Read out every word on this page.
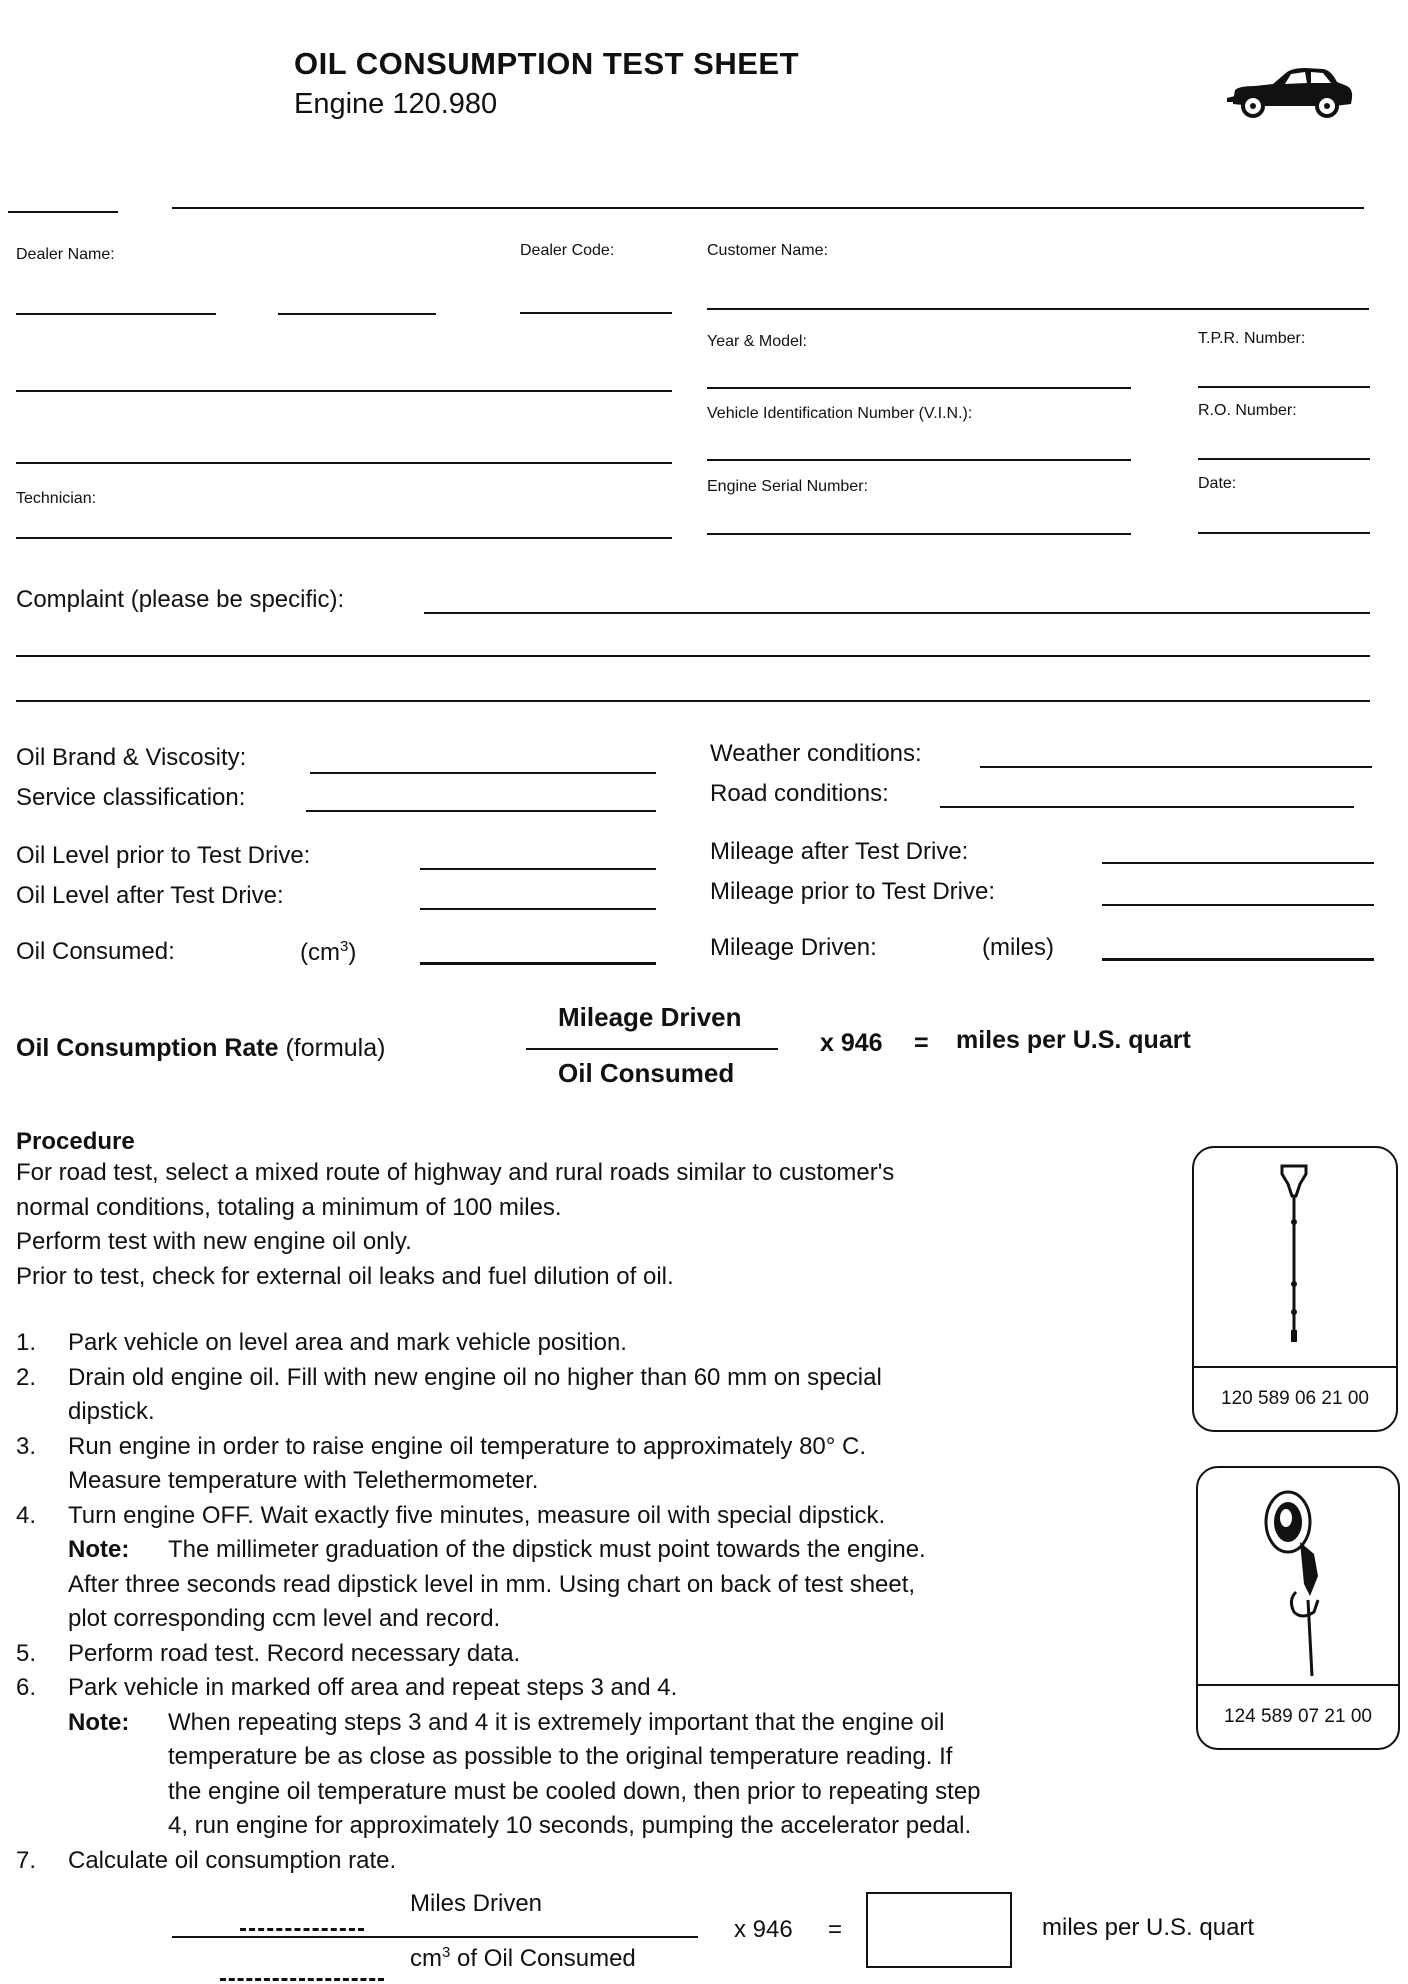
OIL CONSUMPTION TEST SHEET
Engine 120.980
Dealer Name:	Dealer Code:	Customer Name:
Year & Model:	T.P.R. Number:
Vehicle Identification Number (V.I.N.):	R.O. Number:
Technician:
Engine Serial Number:	Date:
Complaint (please be specific):
Oil Brand & Viscosity:
Service classification:
Weather conditions:
Road conditions:
Oil Level prior to Test Drive:
Oil Level after Test Drive:
Mileage after Test Drive:
Mileage prior to Test Drive:
Oil Consumed:	$(cm^3)$	Mileage Driven:	(miles)
Oil Consumption Rate (formula)
Mileage Driven
Oil Consumed
x 946 = miles per U.S. quart
Procedure
For road test, select a mixed route of highway and rural roads similar to customer's
normal conditions, totaling a minimum of 100 miles.
Perform test with new engine oil only.
Prior to test, check for external oil leaks and fuel dilution of oil.
1. Park vehicle on level area and mark vehicle position.
2. Drain old engine oil. Fill with new engine oil no higher than 60 mm on special
dipstick.
3. Run engine in order to raise engine oil temperature to approximately 80° C.
Measure temperature with Telethermometer.
4. Turn engine OFF. Wait exactly five minutes, measure oil with special dipstick.
Note: The millimeter graduation of the dipstick must point towards the engine.
After three seconds read dipstick level in mm. Using chart on back of test sheet,
plot corresponding ccm level and record.
5. Perform road test. Record necessary data.
6. Park vehicle in marked off area and repeat steps 3 and 4.
Note: When repeating steps 3 and 4 it is extremely important that the engine oil
temperature be as close as possible to the original temperature reading. If
the engine oil temperature must be cooled down, then prior to repeating step
4, run engine for approximately 10 seconds, pumping the accelerator pedal.
7. Calculate oil consumption rate.
120 589 06 21 00
124 589 07 21 00
Miles Driven
$cm^3$ of Oil Consumed
x 946 =	miles per U.S. quart
